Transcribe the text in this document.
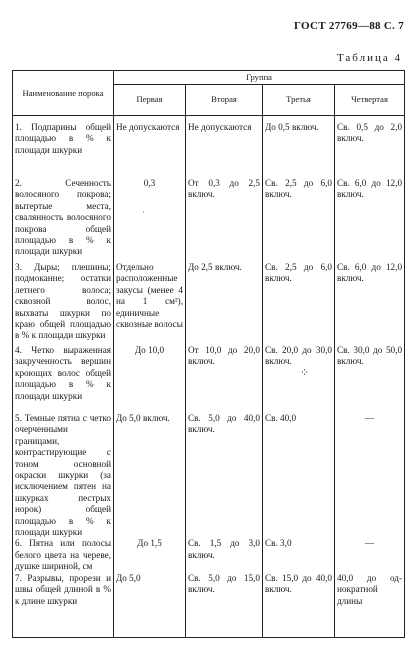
ГОСТ 27769—88 С. 7
Таблица 4
Наименование порока	Группа			
	Первая	Вторая	Третья	Четвертая
1. Подпарины общей площадью в % к площади шкурки	Не допускаются	Не допускаются	До 0,5 включ.	Св. 0,5 до 2,0 включ.
2. Сеченность волосяного покрова; вытертые места, свалянность волосяного покрова общей площадью в % к площади шкурки	0,3	От 0,3 до 2,5 включ.	Св. 2,5 до 6,0 включ.	Св. 6,0 до 12,0 включ.
3. Дыры; плешины; подмоканне; остатки летнего волоса; сквозной волос, выхваты шкурки по краю общей площадью в % к площади шкурки	Отдельно расположенные закусы (менее 4 на 1 см²), единичные сквозные волосы	До 2,5 включ.	Св. 2,5 до 6,0 включ.	Св. 6,0 до 12,0 включ.
4. Четко выраженная закрученность вершин кроющих волос общей площадью в % к площади шкурки	До 10,0	От 10,0 до 20,0 включ.	Св. 20,0 до 30,0 включ.	Св. 30,0 до 50,0 включ.
5. Темные пятна с четко очерченными границами, контрастирующие с тоном основной окраски шкурки (за исключением пятен на шкурках пестрых норок) общей площадью в % к площади шкурки	До 5,0 включ.	Св. 5,0 до 40,0 включ.	Св. 40,0	—
6. Пятна или полосы белого цвета на череве, душке шириной, см	До 1,5	Св. 1,5 до 3,0 включ.	Св. 3,0	—
7. Разрывы, прорези и швы общей длиной в % к длине шкурки	До 5,0	Св. 5,0 до 15,0 включ.	Св. 15,0 до 40,0 включ.	40,0 до однократной длины
ˈ
⁘
